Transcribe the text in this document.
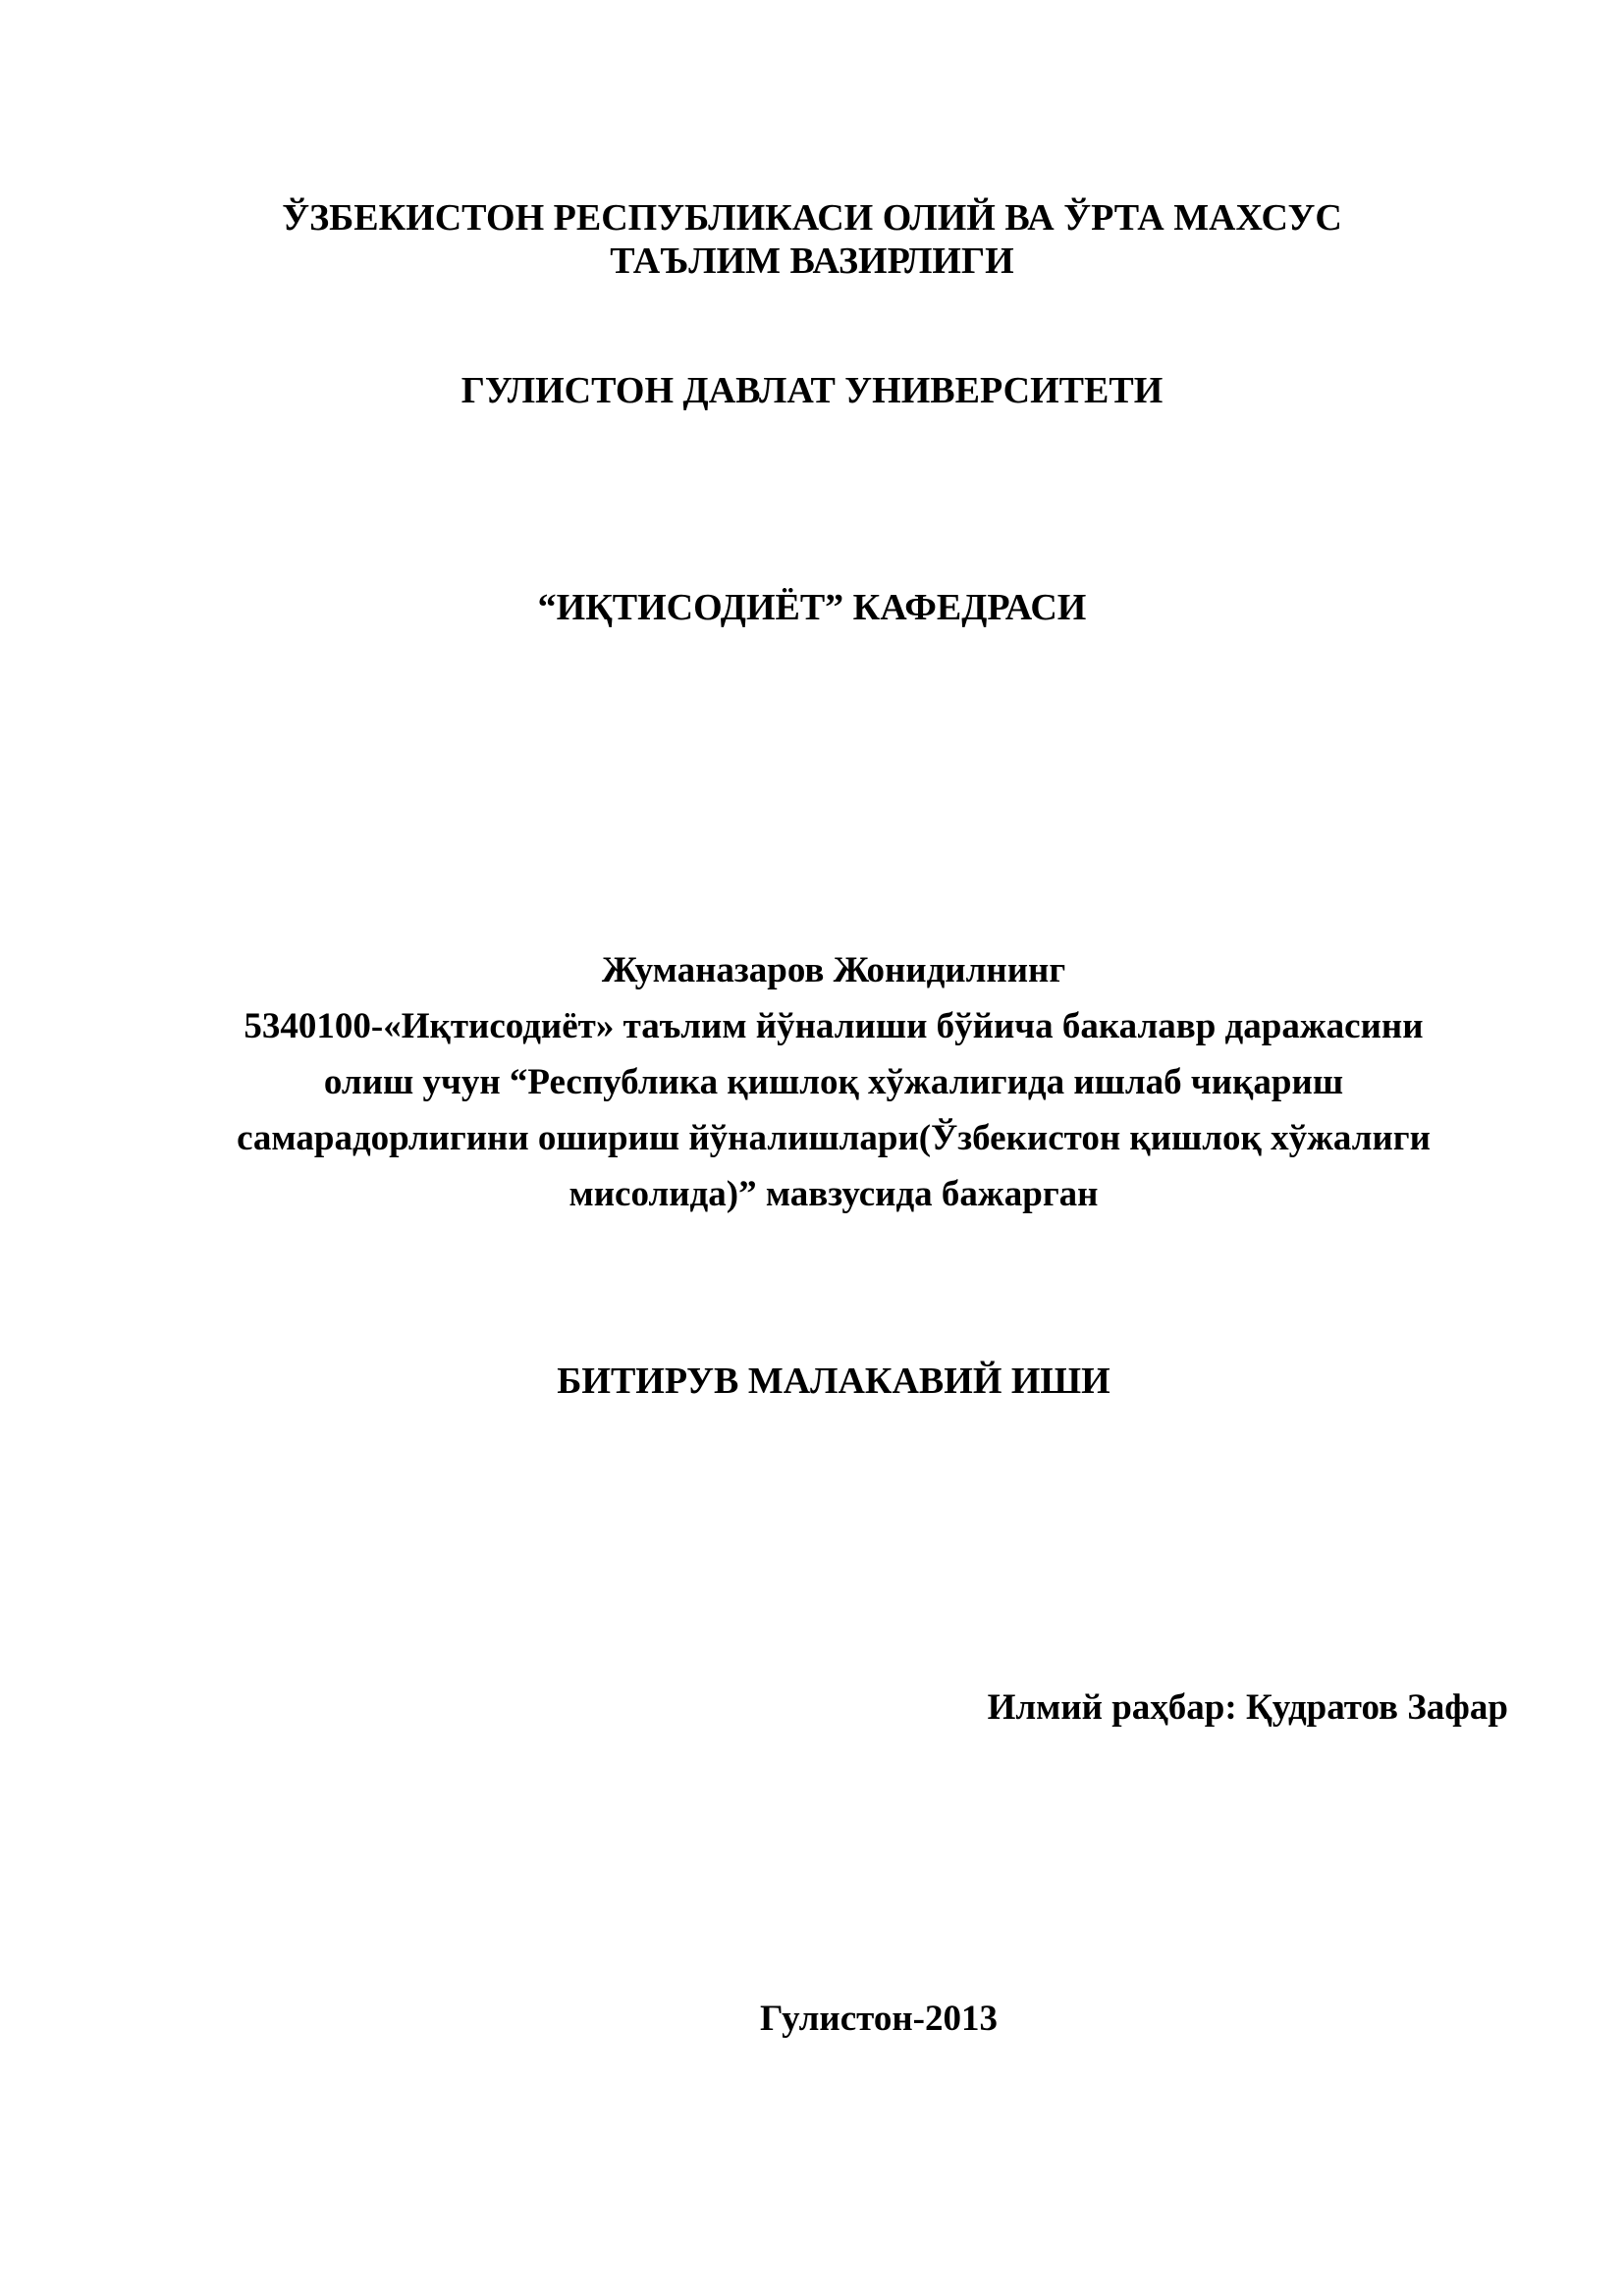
ЎЗБЕКИСТОН РЕСПУБЛИКАСИ ОЛИЙ ВА ЎРТА МАХСУС
ТАЪЛИМ ВАЗИРЛИГИ
ГУЛИСТОН ДАВЛАТ УНИВЕРСИТЕТИ
“ИҚТИСОДИЁТ” КАФЕДРАСИ
Жуманазаров Жонидилнинг
5340100-«Иқтисодиёт» таълим йўналиши бўйича бакалавр даражасини
олиш учун “Республика қишлоқ хўжалигида ишлаб чиқариш
самарадорлигини ошириш йўналишлари(Ўзбекистон қишлоқ хўжалиги
мисолида)” мавзусида бажарган
БИТИРУВ МАЛАКАВИЙ ИШИ
Илмий раҳбар: Қудратов Зафар
Гулистон-2013
